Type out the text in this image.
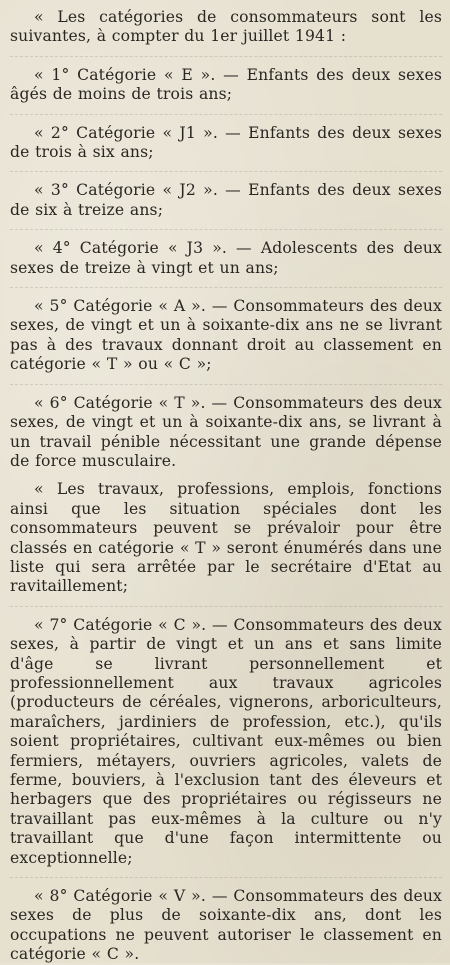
« Les catégories de consommateurs sont les suivantes, à compter du 1er juillet 1941 :

« 1° Catégorie « E ». — Enfants des deux sexes âgés de moins de trois ans;

« 2° Catégorie « J1 ». — Enfants des deux sexes de trois à six ans;

« 3° Catégorie « J2 ». — Enfants des deux sexes de six à treize ans;

« 4° Catégorie « J3 ». — Adolescents des deux sexes de treize à vingt et un ans;

« 5° Catégorie « A ». — Consommateurs des deux sexes, de vingt et un à soixante-dix ans ne se livrant pas à des travaux donnant droit au classement en catégorie « T » ou « C »;

« 6° Catégorie « T ». — Consommateurs des deux sexes, de vingt et un à soixante-dix ans, se livrant à un travail pénible nécessitant une grande dépense de force musculaire.

« Les travaux, professions, emplois, fonctions ainsi que les situation spéciales dont les consommateurs peuvent se prévaloir pour être classés en catégorie « T » seront énumérés dans une liste qui sera arrêtée par le secrétaire d'Etat au ravitaillement;

« 7° Catégorie « C ». — Consommateurs des deux sexes, à partir de vingt et un ans et sans limite d'âge se livrant personnellement et professionnellement aux travaux agricoles (producteurs de céréales, vignerons, arboriculteurs, maraîchers, jardiniers de profession, etc.), qu'ils soient propriétaires, cultivant eux-mêmes ou bien fermiers, métayers, ouvriers agricoles, valets de ferme, bouviers, à l'exclusion tant des éleveurs et herbagers que des propriétaires ou régisseurs ne travaillant pas eux-mêmes à la culture ou n'y travaillant que d'une façon intermittente ou exceptionnelle;

« 8° Catégorie « V ». — Consommateurs des deux sexes de plus de soixante-dix ans, dont les occupations ne peuvent autoriser le classement en catégorie « C ».
